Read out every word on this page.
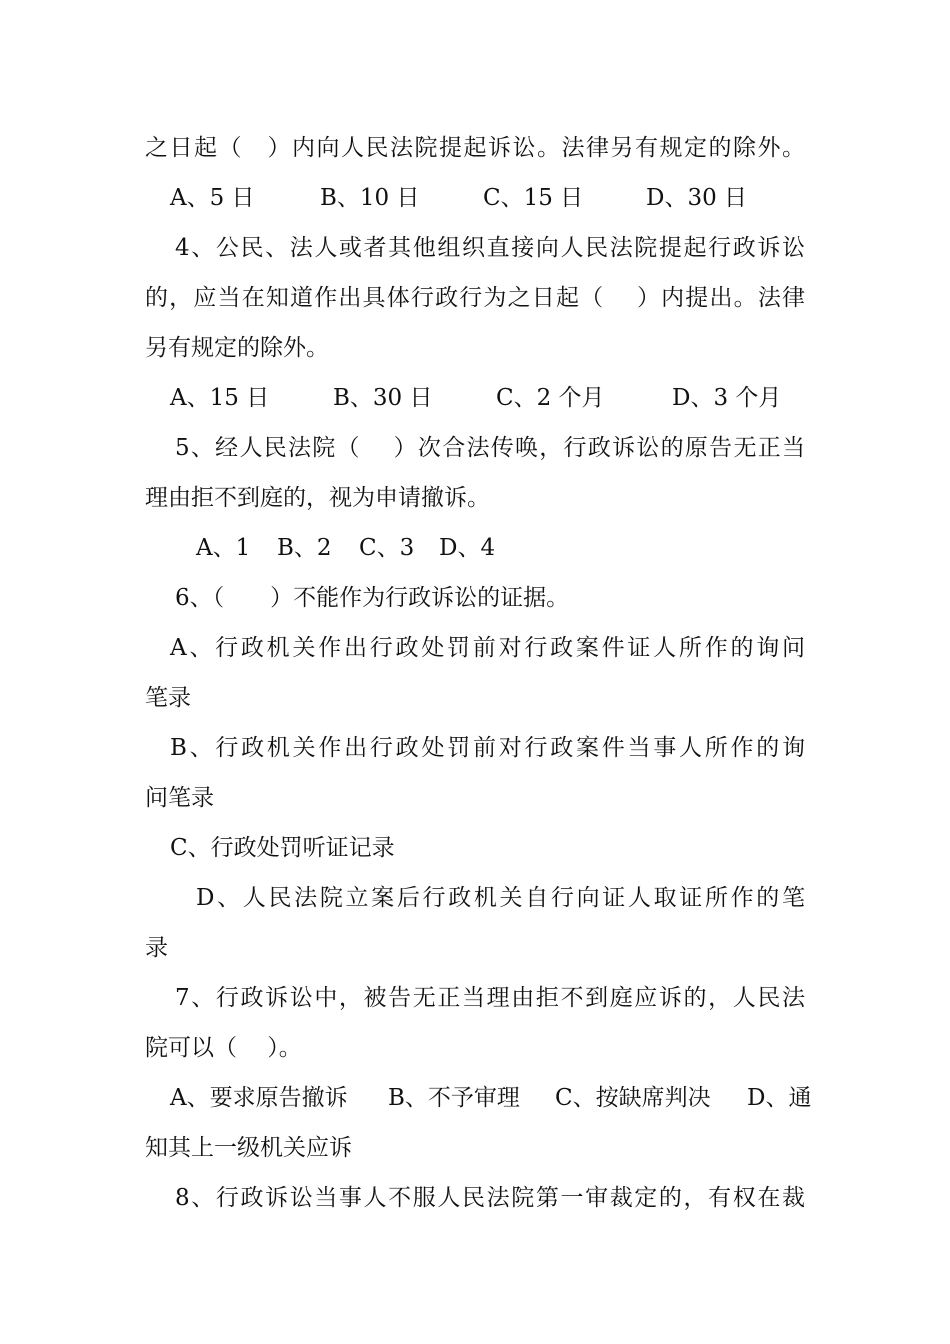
之日起（　）内向人民法院提起诉讼。法律另有规定的除外。

A、5 日	B、10 日	C、15 日	D、30 日

4、公民、法人或者其他组织直接向人民法院提起行政诉讼

的，应当在知道作出具体行政行为之日起（　 ）内提出。法律

另有规定的除外。

A、15 日	B、30 日	C、2 个月	D、3 个月

5、经人民法院（　 ）次合法传唤，行政诉讼的原告无正当

理由拒不到庭的，视为申请撤诉。

A、1 B、2 C、3 D、4

6、（　　）不能作为行政诉讼的证据。

A、行政机关作出行政处罚前对行政案件证人所作的询问

笔录

B、行政机关作出行政处罚前对行政案件当事人所作的询

问笔录

C、行政处罚听证记录

D、人民法院立案后行政机关自行向证人取证所作的笔

录

7、行政诉讼中，被告无正当理由拒不到庭应诉的，人民法

院可以（　 ）。

A、要求原告撤诉 B、不予审理 C、按缺席判决 D、通

知其上一级机关应诉

8、行政诉讼当事人不服人民法院第一审裁定的，有权在裁
